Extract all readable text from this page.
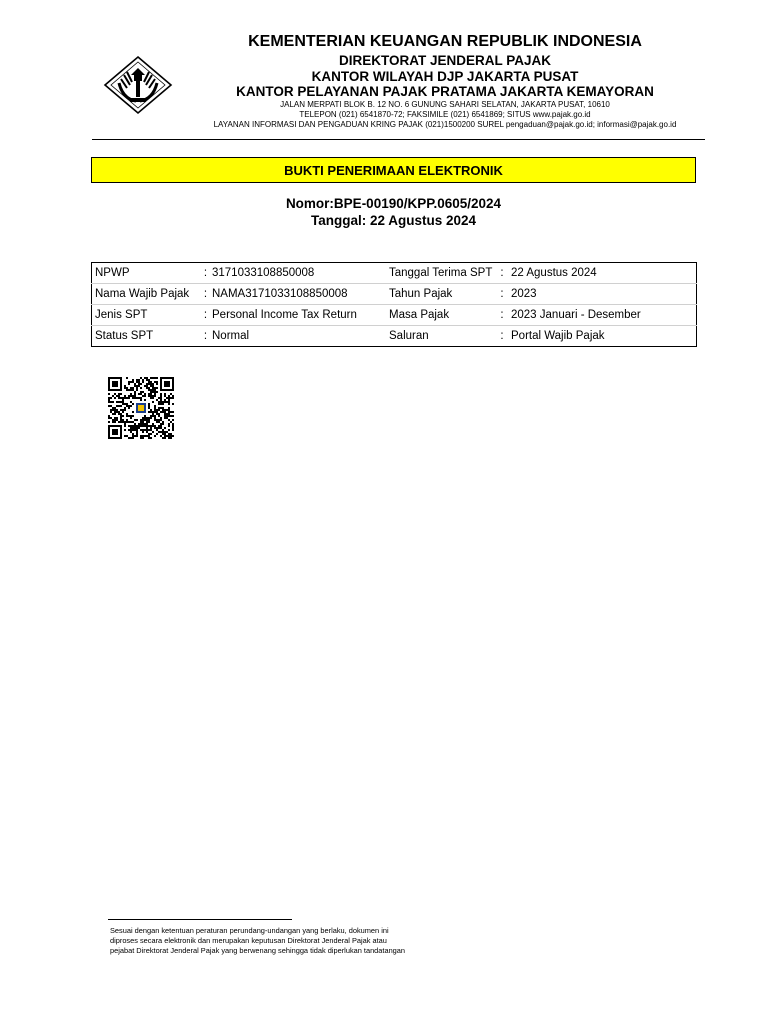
KEMENTERIAN KEUANGAN REPUBLIK INDONESIA
DIREKTORAT JENDERAL PAJAK
KANTOR WILAYAH DJP JAKARTA PUSAT
KANTOR PELAYANAN PAJAK PRATAMA JAKARTA KEMAYORAN
JALAN MERPATI BLOK B. 12 NO. 6 GUNUNG SAHARI SELATAN, JAKARTA PUSAT, 10610
TELEPON (021) 6541870-72; FAKSIMILE (021) 6541869; SITUS www.pajak.go.id
LAYANAN INFORMASI DAN PENGADUAN KRING PAJAK (021)1500200 SUREL pengaduan@pajak.go.id; informasi@pajak.go.id
BUKTI PENERIMAAN ELEKTRONIK
Nomor:BPE-00190/KPP.0605/2024
Tanggal: 22 Agustus 2024
NPWP	:	3171033108850008	Tanggal Terima SPT	:	22 Agustus 2024
Nama Wajib Pajak	:	NAMA3171033108850008	Tahun Pajak	:	2023
Jenis SPT	:	Personal Income Tax Return	Masa Pajak	:	2023 Januari - Desember
Status SPT	:	Normal	Saluran	:	Portal Wajib Pajak
Sesuai dengan ketentuan peraturan perundang-undangan yang berlaku, dokumen ini
diproses secara elektronik dan merupakan keputusan Direktorat Jenderal Pajak atau
pejabat Direktorat Jenderal Pajak yang berwenang sehingga tidak diperlukan tandatangan
